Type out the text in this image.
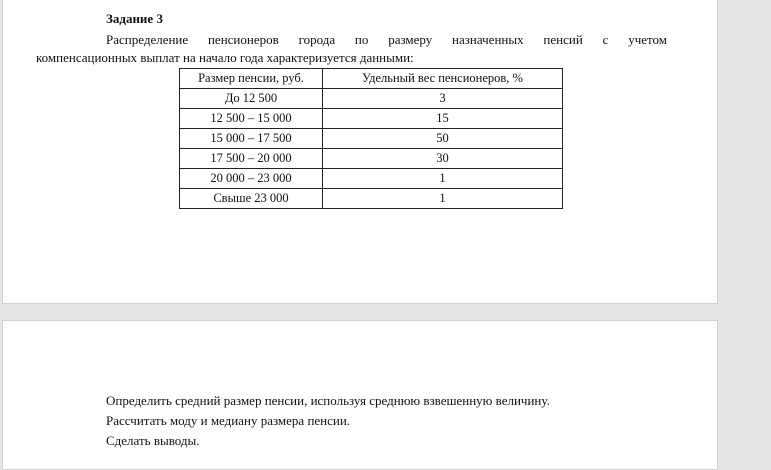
Задание 3
Распределение пенсионеров города по размеру назначенных пенсий с учетом
компенсационных выплат на начало года характеризуется данными:
Размер пенсии, руб.	Удельный вес пенсионеров, %
До 12 500	3
12 500 – 15 000	15
15 000 – 17 500	50
17 500 – 20 000	30
20 000 – 23 000	1
Свыше 23 000	1
Определить средний размер пенсии, используя среднюю взвешенную величину.
Рассчитать моду и медиану размера пенсии.
Сделать выводы.
